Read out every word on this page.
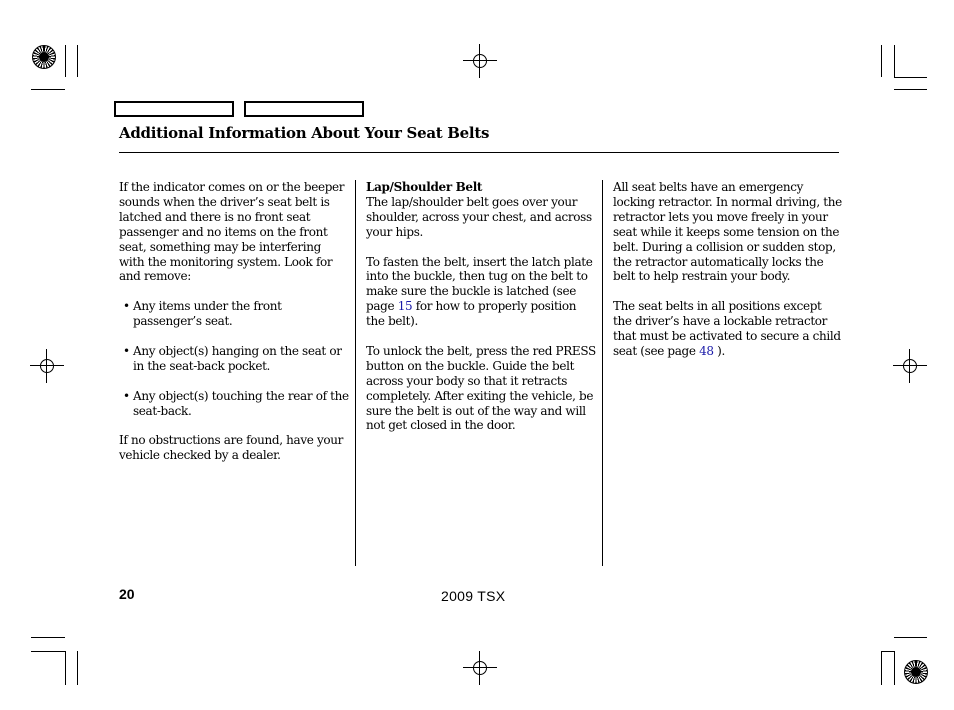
Additional Information About Your Seat Belts

If the indicator comes on or the beeper sounds when the driver’s seat belt is latched and there is no front seat passenger and no items on the front seat, something may be interfering with the monitoring system. Look for and remove:

• Any items under the front passenger’s seat.
• Any object(s) hanging on the seat or in the seat-back pocket.
• Any object(s) touching the rear of the seat-back.

If no obstructions are found, have your vehicle checked by a dealer.

Lap/Shoulder Belt

The lap/shoulder belt goes over your shoulder, across your chest, and across your hips.

To fasten the belt, insert the latch plate into the buckle, then tug on the belt to make sure the buckle is latched (see page 15 for how to properly position the belt).

To unlock the belt, press the red PRESS button on the buckle. Guide the belt across your body so that it retracts completely. After exiting the vehicle, be sure the belt is out of the way and will not get closed in the door.

All seat belts have an emergency locking retractor. In normal driving, the retractor lets you move freely in your seat while it keeps some tension on the belt. During a collision or sudden stop, the retractor automatically locks the belt to help restrain your body.

The seat belts in all positions except the driver’s have a lockable retractor that must be activated to secure a child seat (see page 48 ).

20	2009 TSX
